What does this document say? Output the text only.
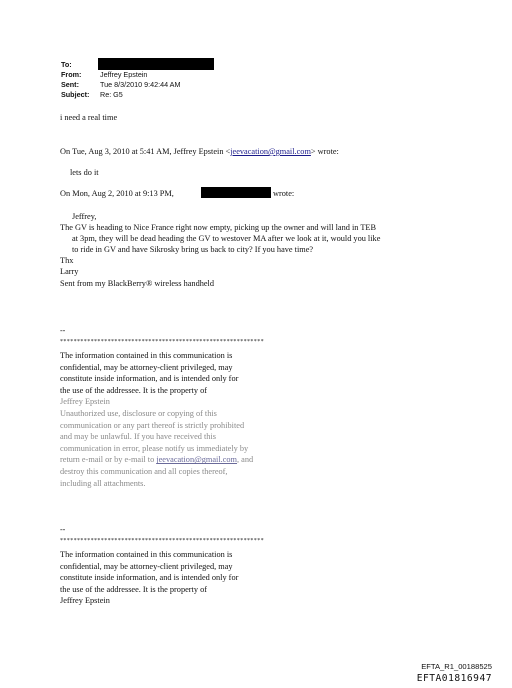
To:
From:	Jeffrey Epstein
Sent:	Tue 8/3/2010 9:42:44 AM
Subject: Re: G5
i need a real time
On Tue, Aug 3, 2010 at 5:41 AM, Jeffrey Epstein <jeevacation@gmail.com> wrote:
lets do it
On Mon, Aug 2, 2010 at 9:13 PM,	wrote:
Jeffrey,
The GV is heading to Nice France right now empty, picking up the owner and will land in TEB
at 3pm, they will be dead heading the GV to westover MA after we look at it, would you like
to ride in GV and have Sikrosky bring us back to city? If you have time?
Thx
Larry
Sent from my BlackBerry® wireless handheld
--
************************************************************
The information contained in this communication is
confidential, may be attorney-client privileged, may
constitute inside information, and is intended only for
the use of the addressee. It is the property of
Jeffrey Epstein
Unauthorized use, disclosure or copying of this
communication or any part thereof is strictly prohibited
and may be unlawful. If you have received this
communication in error, please notify us immediately by
return e-mail or by e-mail to jeevacation@gmail.com, and
destroy this communication and all copies thereof,
including all attachments.
--
************************************************************
The information contained in this communication is
confidential, may be attorney-client privileged, may
constitute inside information, and is intended only for
the use of the addressee. It is the property of
Jeffrey Epstein
EFTA_R1_00188525
EFTA01816947
